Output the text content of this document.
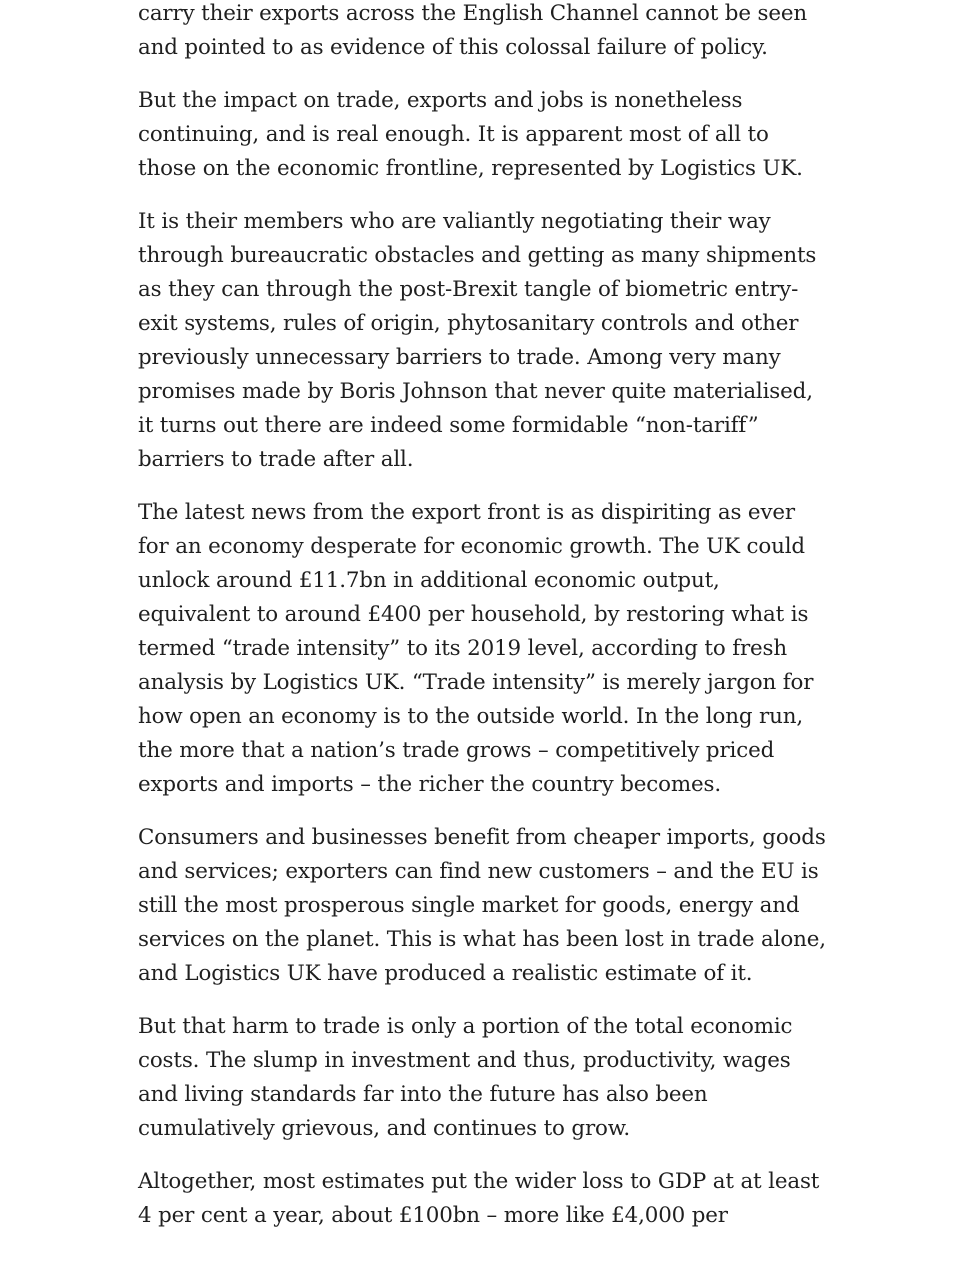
carry their exports across the English Channel cannot be seen and pointed to as evidence of this colossal failure of policy.

But the impact on trade, exports and jobs is nonetheless continuing, and is real enough. It is apparent most of all to those on the economic frontline, represented by Logistics UK.

It is their members who are valiantly negotiating their way through bureaucratic obstacles and getting as many shipments as they can through the post-Brexit tangle of biometric entry-exit systems, rules of origin, phytosanitary controls and other previously unnecessary barriers to trade. Among very many promises made by Boris Johnson that never quite materialised, it turns out there are indeed some formidable “non-tariff” barriers to trade after all.

The latest news from the export front is as dispiriting as ever for an economy desperate for economic growth. The UK could unlock around £11.7bn in additional economic output, equivalent to around £400 per household, by restoring what is termed “trade intensity” to its 2019 level, according to fresh analysis by Logistics UK. “Trade intensity” is merely jargon for how open an economy is to the outside world. In the long run, the more that a nation’s trade grows – competitively priced exports and imports – the richer the country becomes.

Consumers and businesses benefit from cheaper imports, goods and services; exporters can find new customers – and the EU is still the most prosperous single market for goods, energy and services on the planet. This is what has been lost in trade alone, and Logistics UK have produced a realistic estimate of it.

But that harm to trade is only a portion of the total economic costs. The slump in investment and thus, productivity, wages and living standards far into the future has also been cumulatively grievous, and continues to grow.

Altogether, most estimates put the wider loss to GDP at at least 4 per cent a year, about £100bn – more like £4,000 per
